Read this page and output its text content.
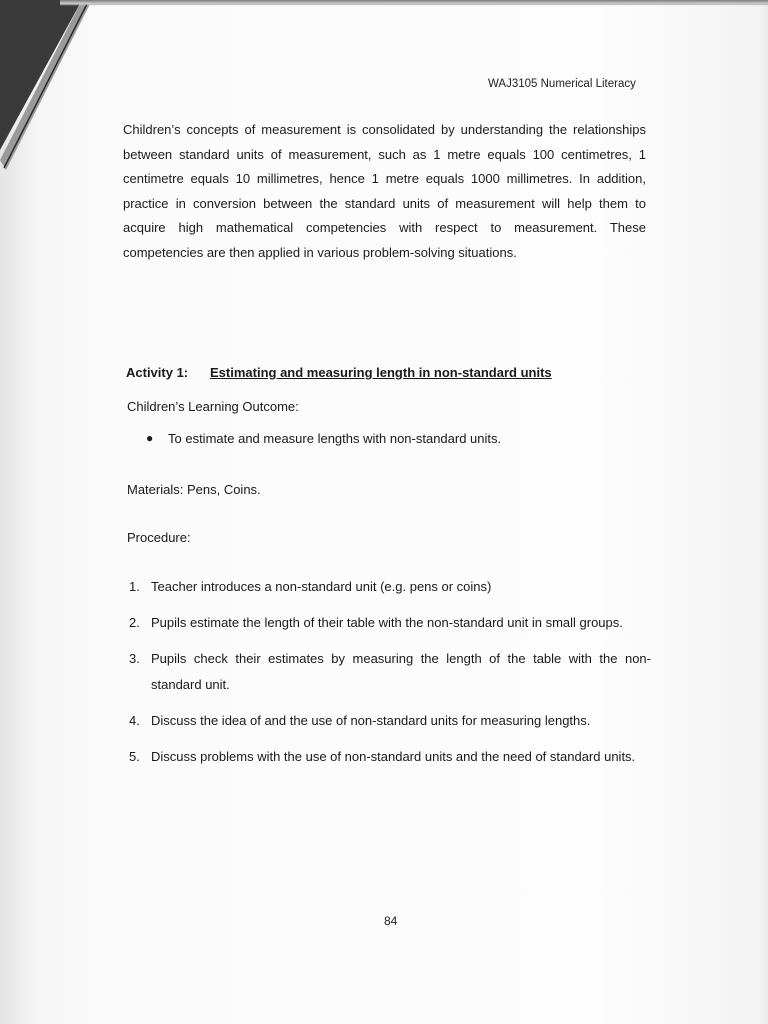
WAJ3105 Numerical Literacy

Children’s concepts of measurement is consolidated by understanding the relationships between standard units of measurement, such as 1 metre equals 100 centimetres, 1 centimetre equals 10 millimetres, hence 1 metre equals 1000 millimetres. In addition, practice in conversion between the standard units of measurement will help them to acquire high mathematical competencies with respect to measurement. These competencies are then applied in various problem-solving situations.

Activity 1: Estimating and measuring length in non-standard units
Children’s Learning Outcome:
● To estimate and measure lengths with non-standard units.
Materials: Pens, Coins.
Procedure:
1. Teacher introduces a non-standard unit (e.g. pens or coins)
2. Pupils estimate the length of their table with the non-standard unit in small groups.
3. Pupils check their estimates by measuring the length of the table with the non-standard unit.
4. Discuss the idea of and the use of non-standard units for measuring lengths.
5. Discuss problems with the use of non-standard units and the need of standard units.
84
